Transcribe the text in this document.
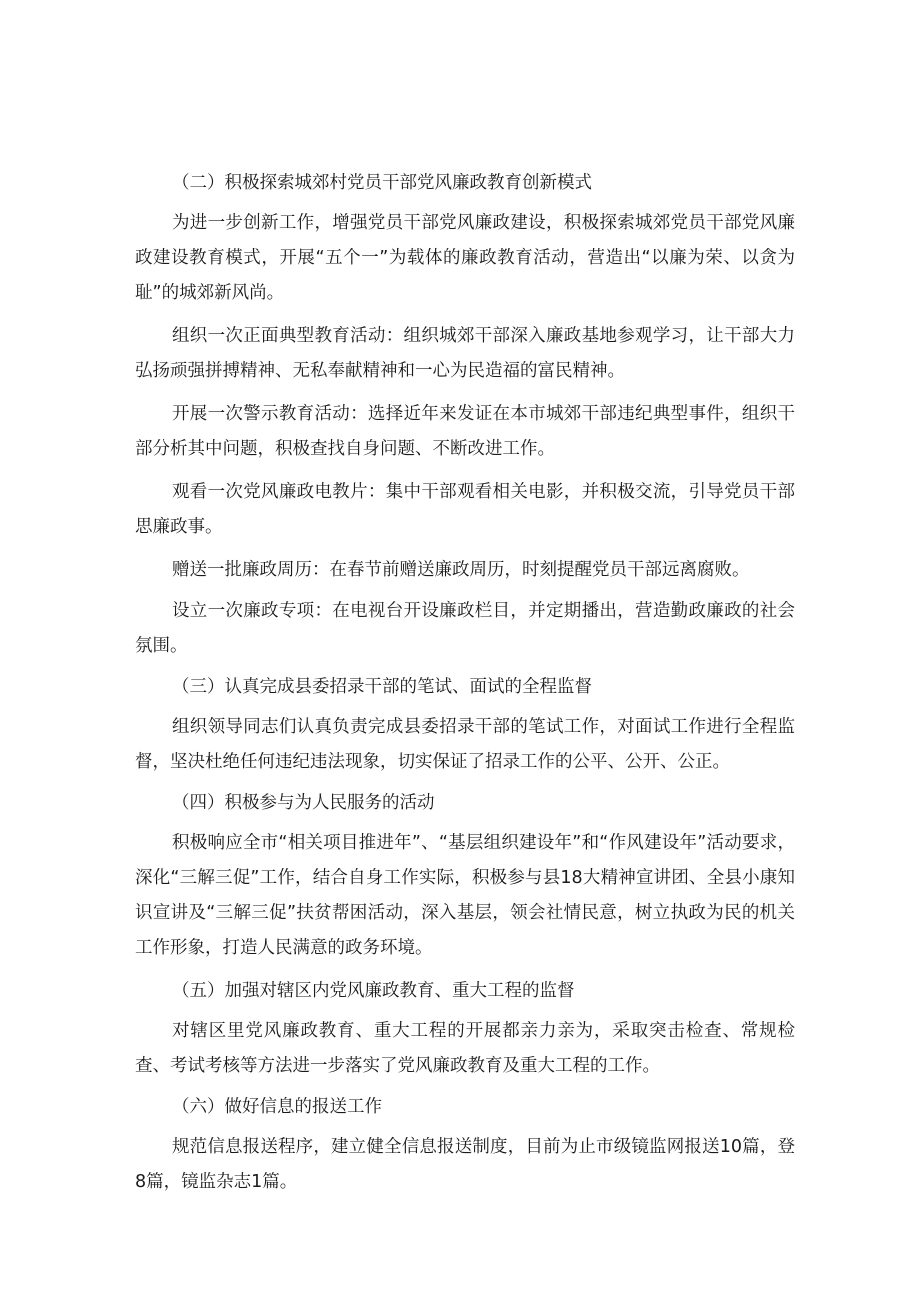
（二）积极探索城郊村党员干部党风廉政教育创新模式

为进一步创新工作，增强党员干部党风廉政建设，积极探索城郊党员干部党风廉政建设教育模式，开展“五个一”为载体的廉政教育活动，营造出“以廉为荣、以贪为耻”的城郊新风尚。

组织一次正面典型教育活动：组织城郊干部深入廉政基地参观学习，让干部大力弘扬顽强拼搏精神、无私奉献精神和一心为民造福的富民精神。

开展一次警示教育活动：选择近年来发证在本市城郊干部违纪典型事件，组织干部分析其中问题，积极查找自身问题、不断改进工作。

观看一次党风廉政电教片：集中干部观看相关电影，并积极交流，引导党员干部思廉政事。

赠送一批廉政周历：在春节前赠送廉政周历，时刻提醒党员干部远离腐败。

设立一次廉政专项：在电视台开设廉政栏目，并定期播出，营造勤政廉政的社会氛围。

（三）认真完成县委招录干部的笔试、面试的全程监督

组织领导同志们认真负责完成县委招录干部的笔试工作，对面试工作进行全程监督，坚决杜绝任何违纪违法现象，切实保证了招录工作的公平、公开、公正。

（四）积极参与为人民服务的活动

积极响应全市“相关项目推进年”、“基层组织建设年”和“作风建设年”活动要求，深化“三解三促”工作，结合自身工作实际，积极参与县18大精神宣讲团、全县小康知识宣讲及“三解三促”扶贫帮困活动，深入基层，领会社情民意，树立执政为民的机关工作形象，打造人民满意的政务环境。

（五）加强对辖区内党风廉政教育、重大工程的监督

对辖区里党风廉政教育、重大工程的开展都亲力亲为，采取突击检查、常规检查、考试考核等方法进一步落实了党风廉政教育及重大工程的工作。

（六）做好信息的报送工作

规范信息报送程序，建立健全信息报送制度，目前为止市级镜监网报送10篇，登8篇，镜监杂志1篇。
